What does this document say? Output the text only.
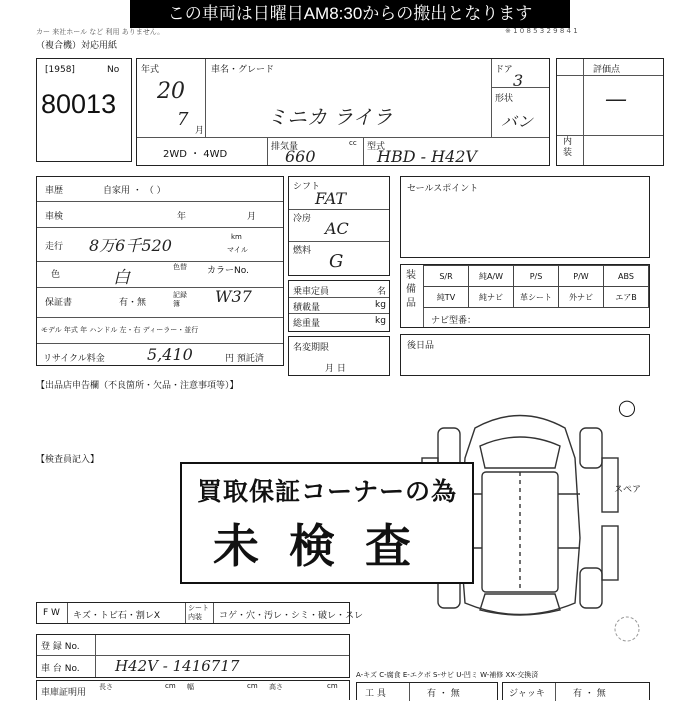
この車両は日曜日AM8:30からの搬出となります
カー 来社ホール など 利用 ありません。	※ 1 0 8 5 3 2 9 8 4 1
（複合機）対応用紙
[1958]	No
80013
年式
20
7
月
車名・グレード
ミニカ ライラ
ドア
3
形状
バン
2WD ・ 4WD
排気量
660
cc 型式
HBD - H42V
評価点
—
内装
車歴	自家用 ・ （ ）
車検	年	月
走行 8万6千520	km
マイル
色	白
色替 カラーNo.
W37
保証書	有・無
記録簿
モデル 年式 年 ハンドル 左・右 ディーラー・並行
リサイクル料金	5,410	円 預託済
シフト
FAT
冷房 AC
燃料 G
乗車定員	名
積載量	kg
総重量	kg
名変期限
月 日
セールスポイント
装備品
S/R	純A/W	P/S	P/W	ABS
純TV	純ナビ	革シート	外ナビ	エアB
ナビ型番：
後日品
【出品店申告欄（不良箇所・欠品・注意事項等）】
【検査員記入】
◯
スペア
買取保証コーナーの為
未検査
F W キズ・トビ石・割レX
シート内装	コゲ・穴・汚レ・シミ・破レ・スレ
登 録 No.
車 台 No. H42V - 1416717
車庫証明用
長さ	cm 幅	cm 高さ	cm
A-キズ C-腐食 E-エクボ S-サビ U-凹ミ W-補修 XX-交換済
工 具	有 ・ 無	ジャッキ	有 ・ 無
